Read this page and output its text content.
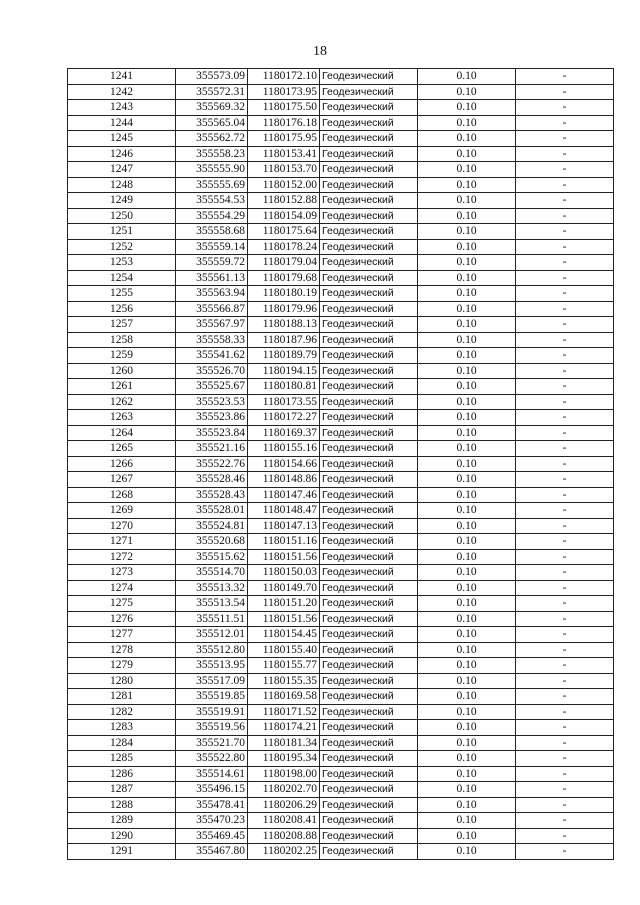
18
1241	355573.09	1180172.10	Геодезический	0.10	-
1242	355572.31	1180173.95	Геодезический	0.10	-
1243	355569.32	1180175.50	Геодезический	0.10	-
1244	355565.04	1180176.18	Геодезический	0.10	-
1245	355562.72	1180175.95	Геодезический	0.10	-
1246	355558.23	1180153.41	Геодезический	0.10	-
1247	355555.90	1180153.70	Геодезический	0.10	-
1248	355555.69	1180152.00	Геодезический	0.10	-
1249	355554.53	1180152.88	Геодезический	0.10	-
1250	355554.29	1180154.09	Геодезический	0.10	-
1251	355558.68	1180175.64	Геодезический	0.10	-
1252	355559.14	1180178.24	Геодезический	0.10	-
1253	355559.72	1180179.04	Геодезический	0.10	-
1254	355561.13	1180179.68	Геодезический	0.10	-
1255	355563.94	1180180.19	Геодезический	0.10	-
1256	355566.87	1180179.96	Геодезический	0.10	-
1257	355567.97	1180188.13	Геодезический	0.10	-
1258	355558.33	1180187.96	Геодезический	0.10	-
1259	355541.62	1180189.79	Геодезический	0.10	-
1260	355526.70	1180194.15	Геодезический	0.10	-
1261	355525.67	1180180.81	Геодезический	0.10	-
1262	355523.53	1180173.55	Геодезический	0.10	-
1263	355523.86	1180172.27	Геодезический	0.10	-
1264	355523.84	1180169.37	Геодезический	0.10	-
1265	355521.16	1180155.16	Геодезический	0.10	-
1266	355522.76	1180154.66	Геодезический	0.10	-
1267	355528.46	1180148.86	Геодезический	0.10	-
1268	355528.43	1180147.46	Геодезический	0.10	-
1269	355528.01	1180148.47	Геодезический	0.10	-
1270	355524.81	1180147.13	Геодезический	0.10	-
1271	355520.68	1180151.16	Геодезический	0.10	-
1272	355515.62	1180151.56	Геодезический	0.10	-
1273	355514.70	1180150.03	Геодезический	0.10	-
1274	355513.32	1180149.70	Геодезический	0.10	-
1275	355513.54	1180151.20	Геодезический	0.10	-
1276	355511.51	1180151.56	Геодезический	0.10	-
1277	355512.01	1180154.45	Геодезический	0.10	-
1278	355512.80	1180155.40	Геодезический	0.10	-
1279	355513.95	1180155.77	Геодезический	0.10	-
1280	355517.09	1180155.35	Геодезический	0.10	-
1281	355519.85	1180169.58	Геодезический	0.10	-
1282	355519.91	1180171.52	Геодезический	0.10	-
1283	355519.56	1180174.21	Геодезический	0.10	-
1284	355521.70	1180181.34	Геодезический	0.10	-
1285	355522.80	1180195.34	Геодезический	0.10	-
1286	355514.61	1180198.00	Геодезический	0.10	-
1287	355496.15	1180202.70	Геодезический	0.10	-
1288	355478.41	1180206.29	Геодезический	0.10	-
1289	355470.23	1180208.41	Геодезический	0.10	-
1290	355469.45	1180208.88	Геодезический	0.10	-
1291	355467.80	1180202.25	Геодезический	0.10	-
